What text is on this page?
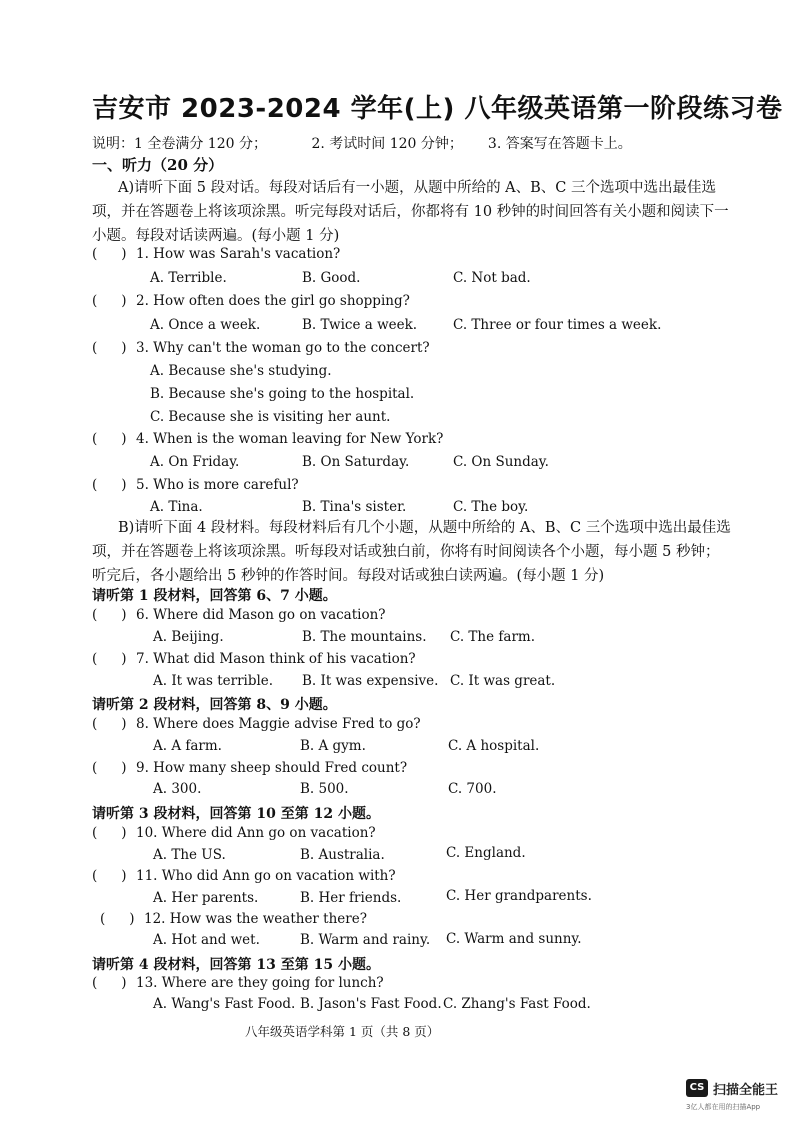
吉安市 2023-2024 学年(上) 八年级英语第一阶段练习卷
说明：1 全卷满分 120 分；	2. 考试时间 120 分钟； 3. 答案写在答题卡上。
一、听力（20 分）
A)请听下面 5 段对话。每段对话后有一小题，从题中所给的 A、B、C 三个选项中选出最佳选项，并在答题卷上将该项涂黑。听完每段对话后，你都将有 10 秒钟的时间回答有关小题和阅读下一小题。每段对话读两遍。(每小题 1 分)
( ) 1. How was Sarah's vacation?
A. Terrible.	B. Good.	C. Not bad.
( ) 2. How often does the girl go shopping?
A. Once a week.	B. Twice a week.	C. Three or four times a week.
( ) 3. Why can't the woman go to the concert?
A. Because she's studying.
B. Because she's going to the hospital.
C. Because she is visiting her aunt.
( ) 4. When is the woman leaving for New York?
A. On Friday.	B. On Saturday.	C. On Sunday.
( ) 5. Who is more careful?
A. Tina.	B. Tina's sister.	C. The boy.
B)请听下面 4 段材料。每段材料后有几个小题，从题中所给的 A、B、C 三个选项中选出最佳选项，并在答题卷上将该项涂黑。听每段对话或独白前，你将有时间阅读各个小题，每小题 5 秒钟；听完后，各小题给出 5 秒钟的作答时间。每段对话或独白读两遍。(每小题 1 分)
请听第 1 段材料，回答第 6、7 小题。
( ) 6. Where did Mason go on vacation?
A. Beijing.	B. The mountains. C. The farm.
( ) 7. What did Mason think of his vacation?
A. It was terrible. B. It was expensive. C. It was great.
请听第 2 段材料，回答第 8、9 小题。
( ) 8. Where does Maggie advise Fred to go?
A. A farm.	B. A gym.	C. A hospital.
( ) 9. How many sheep should Fred count?
A. 300.	B. 500.	C. 700.
请听第 3 段材料，回答第 10 至第 12 小题。
( ) 10. Where did Ann go on vacation?
A. The US.	B. Australia.	C. England.
( ) 11. Who did Ann go on vacation with?
A. Her parents.	B. Her friends.	C. Her grandparents.
( ) 12. How was the weather there?
A. Hot and wet.	B. Warm and rainy. C. Warm and sunny.
请听第 4 段材料，回答第 13 至第 15 小题。
( ) 13. Where are they going for lunch?
A. Wang's Fast Food. B. Jason's Fast Food. C. Zhang's Fast Food.
八年级英语学科第 1 页（共 8 页）
CS 扫描全能王
3亿人都在用的扫描App
